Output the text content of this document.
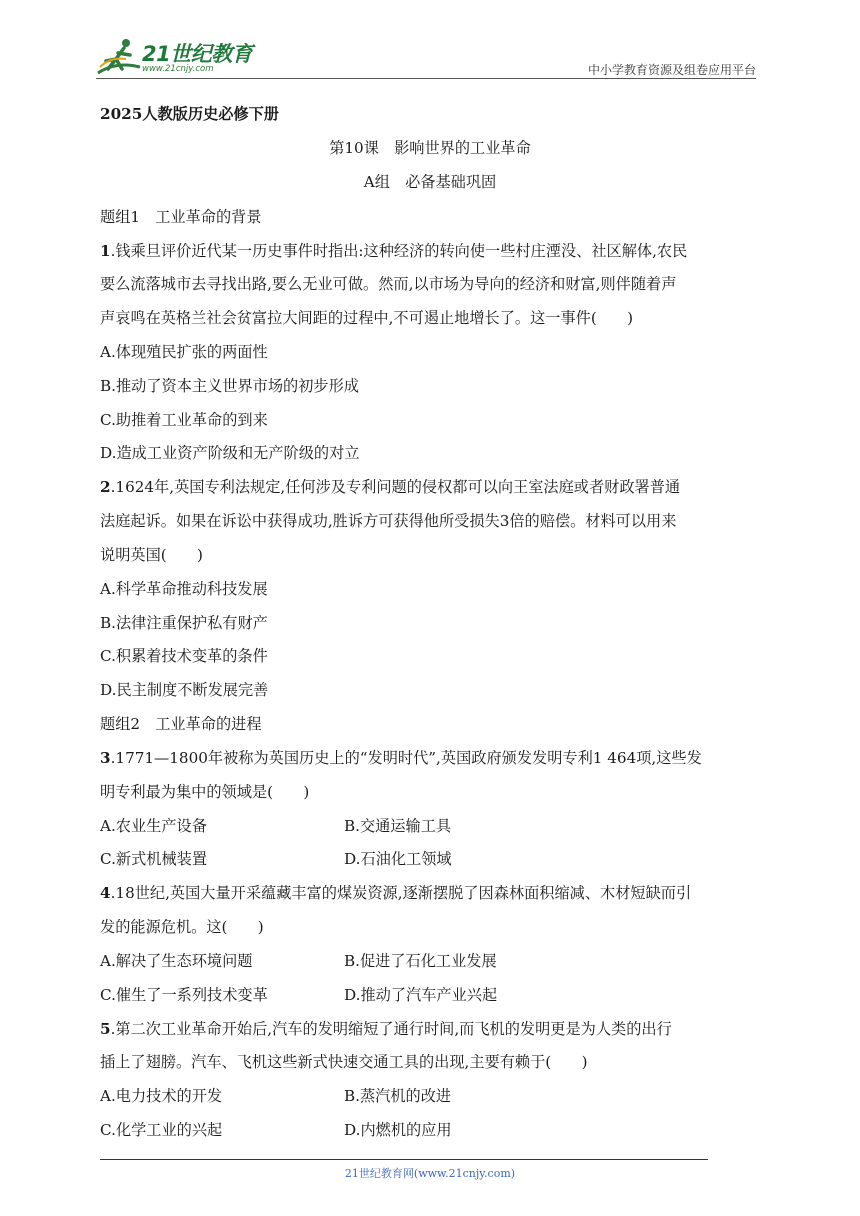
21世纪教育
www.21cnjy.com	中小学教育资源及组卷应用平台
2025人教版历史必修下册
第10课　影响世界的工业革命
A组　必备基础巩固
题组1　工业革命的背景
1.钱乘旦评价近代某一历史事件时指出:这种经济的转向使一些村庄湮没、社区解体,农民
要么流落城市去寻找出路,要么无业可做。然而,以市场为导向的经济和财富,则伴随着声
声哀鸣在英格兰社会贫富拉大间距的过程中,不可遏止地增长了。这一事件(　　)
A.体现殖民扩张的两面性
B.推动了资本主义世界市场的初步形成
C.助推着工业革命的到来
D.造成工业资产阶级和无产阶级的对立
2.1624年,英国专利法规定,任何涉及专利问题的侵权都可以向王室法庭或者财政署普通
法庭起诉。如果在诉讼中获得成功,胜诉方可获得他所受损失3倍的赔偿。材料可以用来
说明英国(　　)
A.科学革命推动科技发展
B.法律注重保护私有财产
C.积累着技术变革的条件
D.民主制度不断发展完善
题组2　工业革命的进程
3.1771—1800年被称为英国历史上的“发明时代”,英国政府颁发发明专利1 464项,这些发
明专利最为集中的领域是(　　)
A.农业生产设备	B.交通运输工具
C.新式机械装置	D.石油化工领域
4.18世纪,英国大量开采蕴藏丰富的煤炭资源,逐渐摆脱了因森林面积缩减、木材短缺而引
发的能源危机。这(　　)
A.解决了生态环境问题	B.促进了石化工业发展
C.催生了一系列技术变革	D.推动了汽车产业兴起
5.第二次工业革命开始后,汽车的发明缩短了通行时间,而飞机的发明更是为人类的出行
插上了翅膀。汽车、飞机这些新式快速交通工具的出现,主要有赖于(　　)
A.电力技术的开发	B.蒸汽机的改进
C.化学工业的兴起	D.内燃机的应用
21世纪教育网(www.21cnjy.com)
